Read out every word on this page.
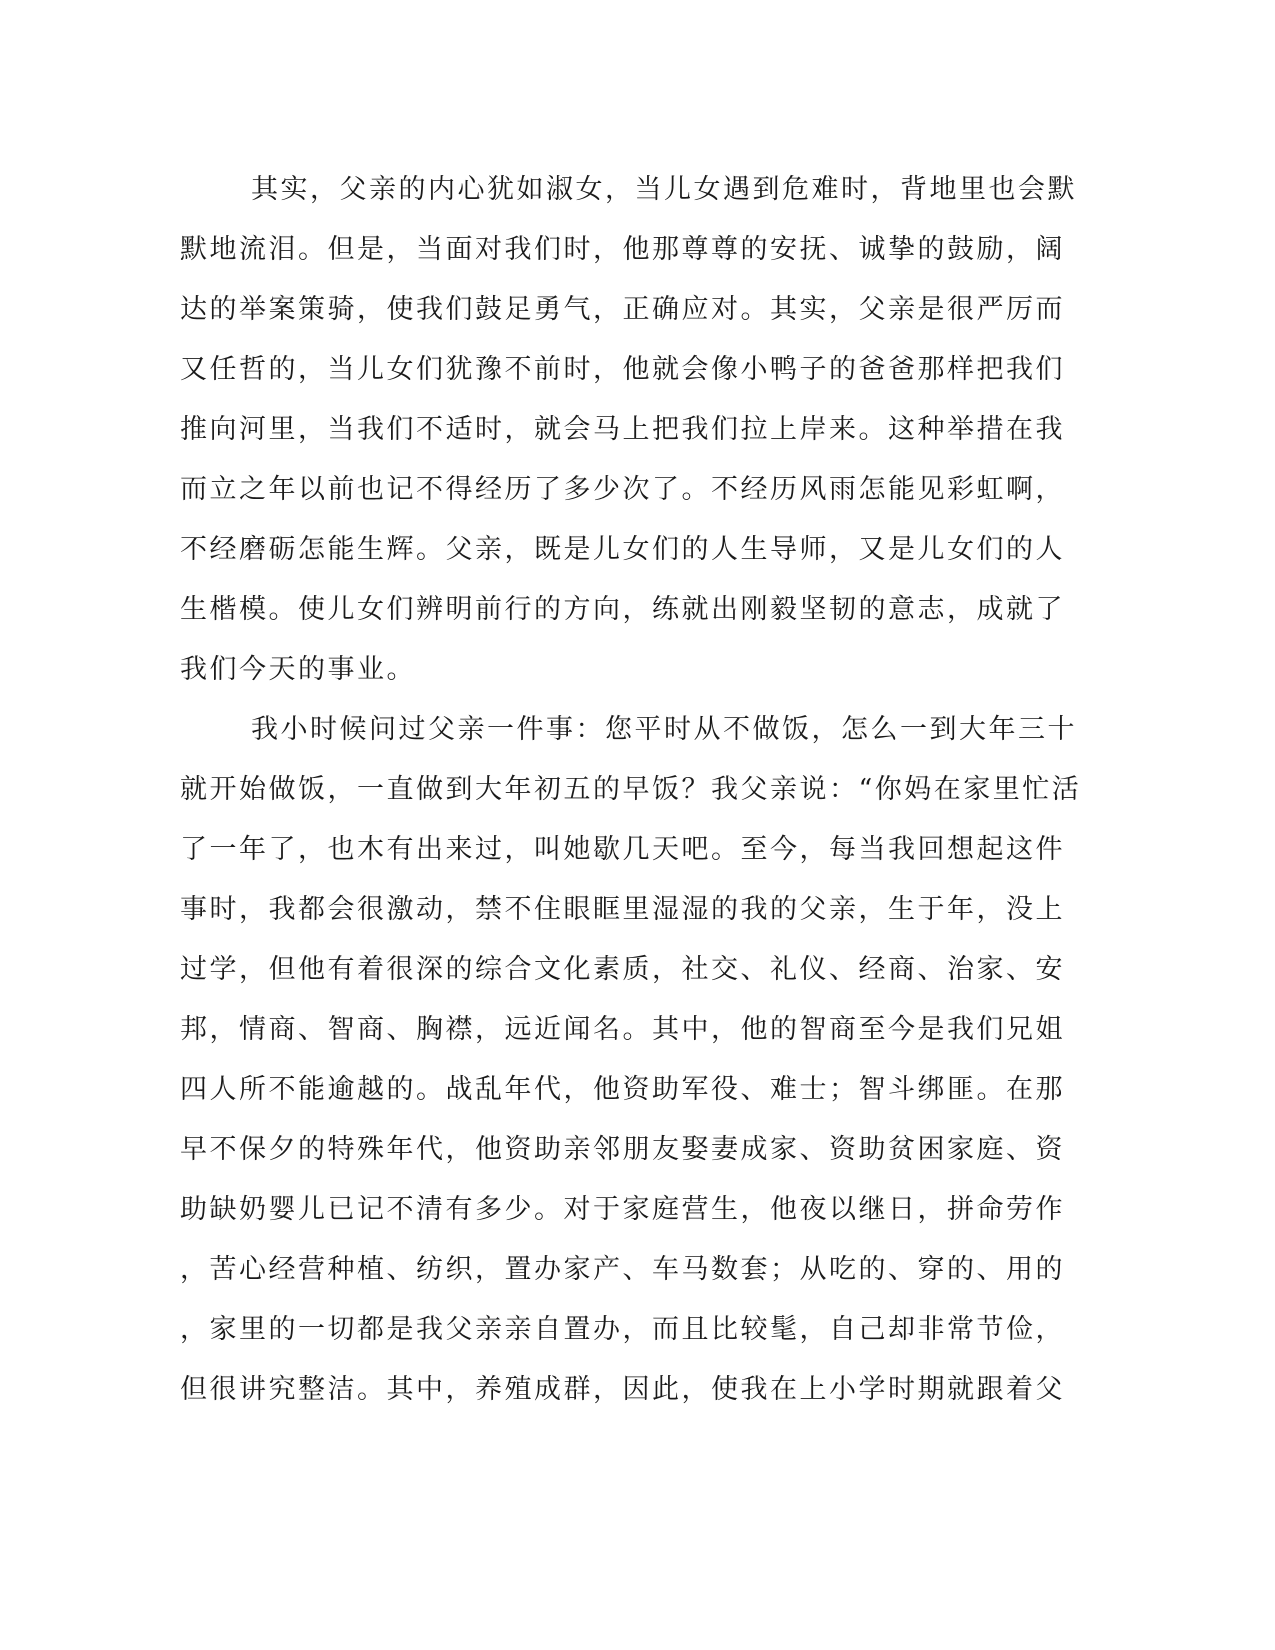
其实，父亲的内心犹如淑女，当儿女遇到危难时，背地里也会默
默地流泪。但是，当面对我们时，他那尊尊的安抚、诚挚的鼓励，阔
达的举案策骑，使我们鼓足勇气，正确应对。其实，父亲是很严厉而
又任哲的，当儿女们犹豫不前时，他就会像小鸭子的爸爸那样把我们
推向河里，当我们不适时，就会马上把我们拉上岸来。这种举措在我
而立之年以前也记不得经历了多少次了。不经历风雨怎能见彩虹啊，
不经磨砺怎能生辉。父亲，既是儿女们的人生导师，又是儿女们的人
生楷模。使儿女们辨明前行的方向，练就出刚毅坚韧的意志，成就了
我们今天的事业。
我小时候问过父亲一件事：您平时从不做饭，怎么一到大年三十
就开始做饭，一直做到大年初五的早饭？我父亲说：“你妈在家里忙活
了一年了，也木有出来过，叫她歇几天吧。至今，每当我回想起这件
事时，我都会很激动，禁不住眼眶里湿湿的我的父亲，生于年，没上
过学，但他有着很深的综合文化素质，社交、礼仪、经商、治家、安
邦，情商、智商、胸襟，远近闻名。其中，他的智商至今是我们兄姐
四人所不能逾越的。战乱年代，他资助军役、难士；智斗绑匪。在那
早不保夕的特殊年代，他资助亲邻朋友娶妻成家、资助贫困家庭、资
助缺奶婴儿已记不清有多少。对于家庭营生，他夜以继日，拼命劳作
，苦心经营种植、纺织，置办家产、车马数套；从吃的、穿的、用的
，家里的一切都是我父亲亲自置办，而且比较髦，自己却非常节俭，
但很讲究整洁。其中，养殖成群，因此，使我在上小学时期就跟着父
